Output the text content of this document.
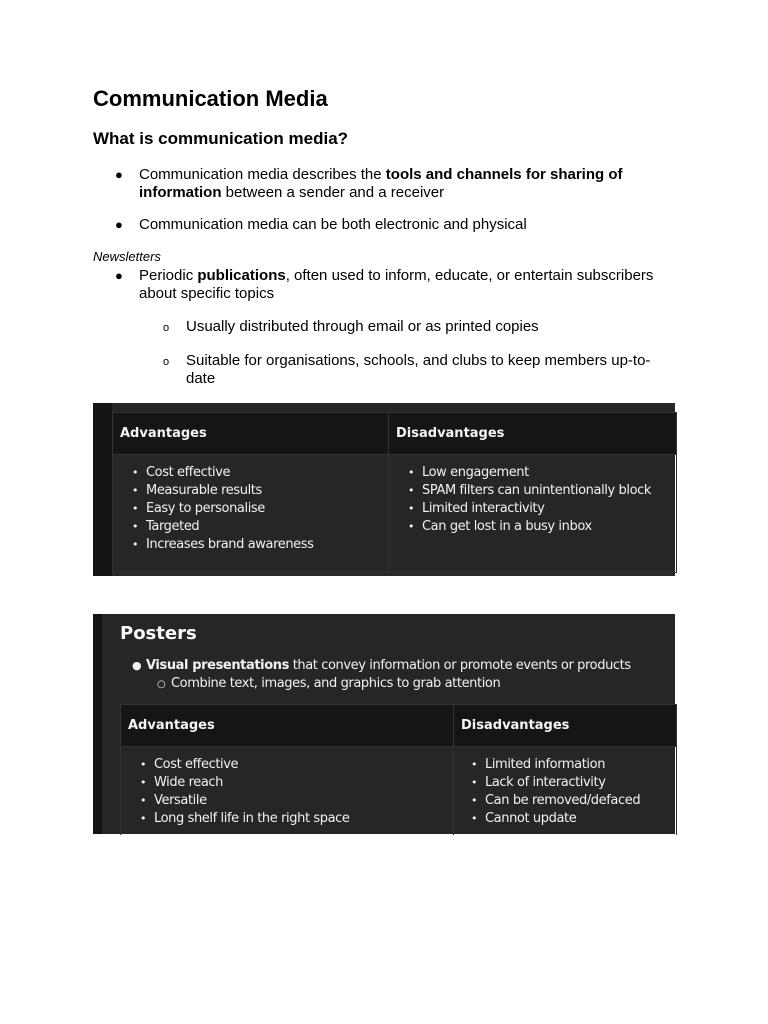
Communication Media
What is communication media?
● Communication media describes the tools and channels for sharing of
information between a sender and a receiver
● Communication media can be both electronic and physical
Newsletters
● Periodic publications, often used to inform, educate, or entertain subscribers
about specific topics
o Usually distributed through email or as printed copies
o Suitable for organisations, schools, and clubs to keep members up-to-
date
Advantages
• Cost effective
• Measurable results
• Easy to personalise
• Targeted
• Increases brand awareness
Disadvantages
• Low engagement
• SPAM filters can unintentionally block
• Limited interactivity
• Can get lost in a busy inbox
Posters
● Visual presentations that convey information or promote events or products
○ Combine text, images, and graphics to grab attention
Advantages
• Cost effective
• Wide reach
• Versatile
• Long shelf life in the right space
Disadvantages
• Limited information
• Lack of interactivity
• Can be removed/defaced
• Cannot update
